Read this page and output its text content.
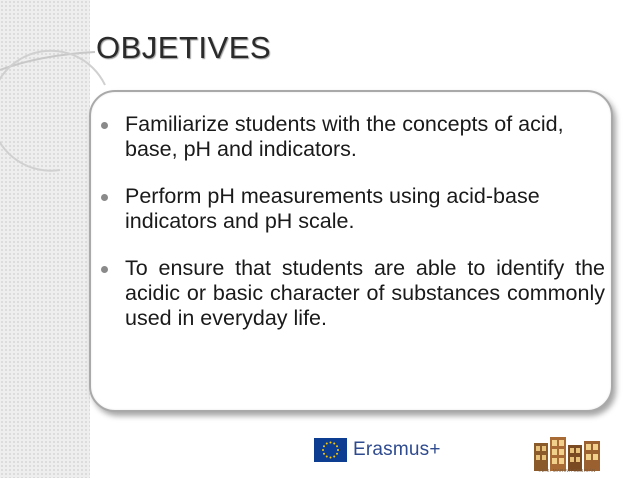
OBJETIVES
Familiarize students with the concepts of acid, base, pH and indicators.
Perform pH measurements using acid-base indicators and pH scale.
To ensure that students are able to identify the acidic or basic character of substances commonly used in everyday life.
Erasmus+
I.E.S. MARINA CEBRIÁN
